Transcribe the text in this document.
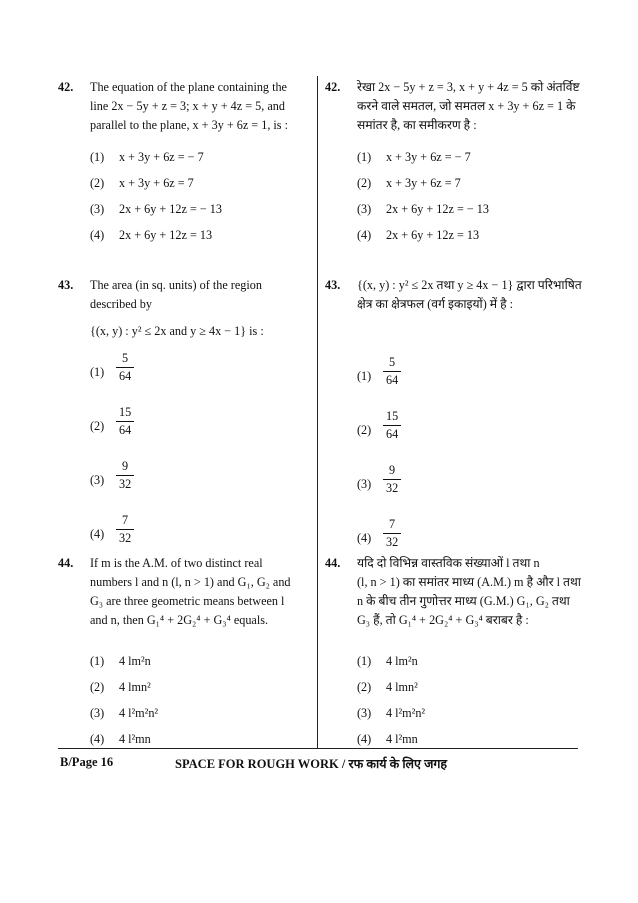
42. The equation of the plane containing the
line 2x − 5y + z = 3; x + y + 4z = 5, and
parallel to the plane, x + 3y + 6z = 1, is :
(1) x + 3y + 6z = − 7
(2) x + 3y + 6z = 7
(3) 2x + 6y + 12z = − 13
(4) 2x + 6y + 12z = 13
43. The area (in sq. units) of the region
described by
{(x, y) : y² ≤ 2x and y ≥ 4x − 1} is :
(1)
5
64
(2)
15
64
(3)
9
32
(4)
7
32
44. If m is the A.M. of two distinct real
numbers l and n (l, n > 1) and G₁, G₂ and
G₃ are three geometric means between l
and n, then G₁⁴ + 2G₂⁴ + G₃⁴ equals.
(1) 4 lm²n
(2) 4 lmn²
(3) 4 l²m²n²
(4) 4 l²mn
42. रेखा 2x − 5y + z = 3, x + y + 4z = 5 को अंतर्विष्ट
करने वाले समतल, जो समतल x + 3y + 6z = 1 के
समांतर है, का समीकरण है :
(1) x + 3y + 6z = − 7
(2) x + 3y + 6z = 7
(3) 2x + 6y + 12z = − 13
(4) 2x + 6y + 12z = 13
43. {(x, y) : y² ≤ 2x तथा y ≥ 4x − 1} द्वारा परिभाषित
क्षेत्र का क्षेत्रफल (वर्ग इकाइयों) में है :
(1)
5
64
(2)
15
64
(3)
9
32
(4)
7
32
44. यदि दो विभिन्न वास्तविक संख्याओं l तथा n
(l, n > 1) का समांतर माध्य (A.M.) m है और l तथा
n के बीच तीन गुणोत्तर माध्य (G.M.) G₁, G₂ तथा
G₃ हैं, तो G₁⁴ + 2G₂⁴ + G₃⁴ बराबर है :
(1) 4 lm²n
(2) 4 lmn²
(3) 4 l²m²n²
(4) 4 l²mn
B/Page 16	SPACE FOR ROUGH WORK / रफ कार्य के लिए जगह
